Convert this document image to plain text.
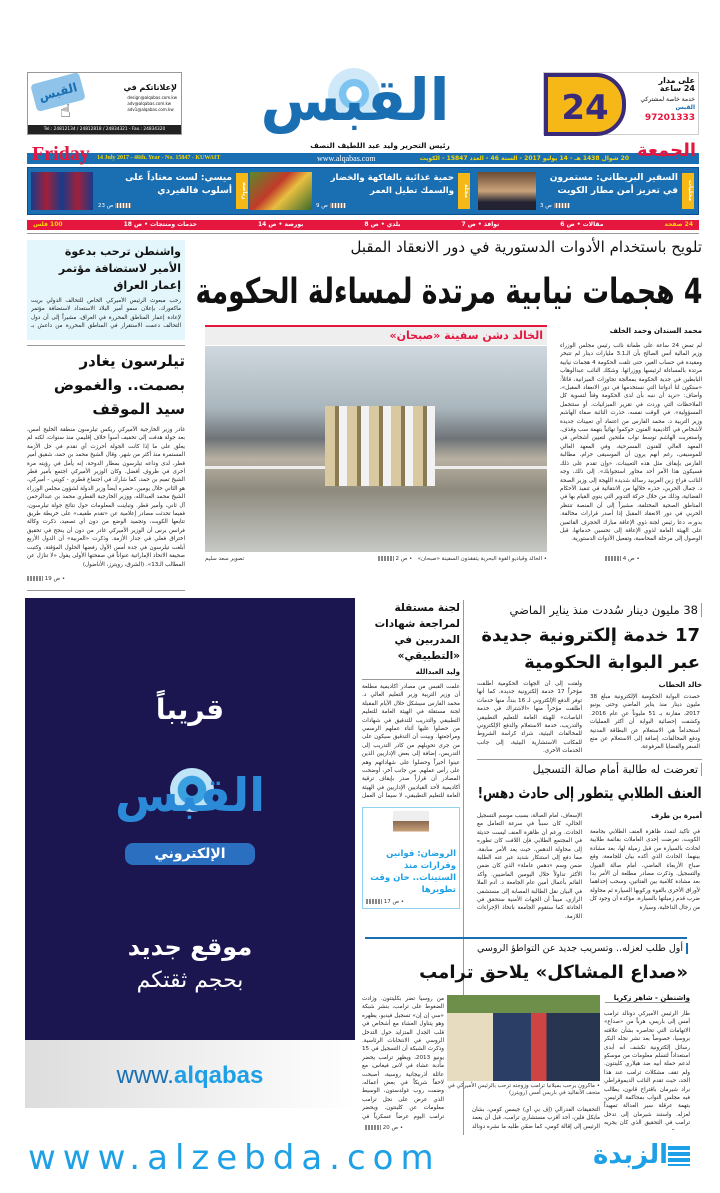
القبس
☝
لإعلاناتكم في
design@alqabas.com.kw
adv@alqabas.com.kw
adv1@alqabas.com.kw
Tel.: 24812134 / 24812818 / 24834321 - Fax.: 24834320	القبس
رئيس التحرير وليد عبد اللطيف النصف
24
على مدار
24 ساعة
خدمة خاصة لمشتركي
القبس
97201333
14 July 2017 - 46th. Year - No. 15847 - KUWAIT	www.alqabas.com	20 شوال 1438 هـ - 14 يوليو 2017 - السنة 46 - العدد 15847 - الكويت
Friday	الجمعة
محليات
السفير البريطاني: مستمرون في تعزيز أمن مطار الكويت
ص 3
مجلة
حمية غذائية بالفاكهة والخضار والسمك تطيل العمر
ص 9
رياضة
ميسي: لست معتاداً على أسلوب فالفيردي
ص 23
24 صفحة
مقالات • ص 6
نوافذ • ص 7
بلدي • ص 8
بورصة • ص 14
خدمات ومنتجات • ص 18
100 فلس
تلويح باستخدام الأدوات الدستورية في دور الانعقاد المقبل
4 هجمات نيابية مرتدة لمساءلة الحكومة
محمد السندان وحمد الخلف
لم تمض 24 ساعة على طمأنة نائب رئيس مجلس الوزراء وزير المالية أنس الصالح بأن الـ3.1 مليارات دينار لم تتبخر ومقيدة في حساب الغير، حتى تلقت الحكومة 4 هجمات نيابية مرتدة بالمساءلة لرئيسها ووزرائها. وشكك النائب عبدالوهاب البابطين في جدية الحكومة بمعالجة تجاوزات الميزانية، قائلاً: «ستكون لنا أدواتنا التي نستخدمها في دور الانعقاد المقبل»، وأضاف: «نريد أن ننبه بأن لدى الحكومة وقتاً لتسوية كل الملاحظات التي وردت في تقرير الميزانيات، أو ستتحمل المسؤولية». في الوقت نفسه، حذرت النائبة صفاء الهاشم وزير التربية د. محمد الفارس من اعتماد أي تعيينات جديدة لأشخاص في أكاديمية الفنون حوكموا نهائياً بتهمة سب وقذف، واستغربت الهاشم توسط نواب ملتحين لتعيين أشخاص في المعهد العالي للفنون المسرحية، وفي المعهد العالي للموسيقى، رغم أنهم يرون أن الموسيقى حرام، مطالبة الفارس بإيقاف مثل هذه التعيينات، «وإن تقدم على ذلك فسيكون هذا الأمر أحد محاور استجوابك». إلى ذلك، وجه النائب فراج زبن العربيد رسالة شديدة اللهجة إلى وزير الصحة د. جمال الحربي، حذره خلالها من الانتقائية في تنفيذ الأحكام القضائية، وذلك من خلال حركة التدوير التي ينوي القيام بها في المناطق الصحية المختلفة، مشيراً إلى أن المنصة تنتظر الحربي في دور الانعقاد المقبل إذا أصدر قرارات مخالفة. بدوره، دعا رئيس لجنة ذوي الإعاقة مبارك الحجرف القائمين على الهيئة العامة لذوي الإعاقة إلى تحسين خدماتها، قبل الوصول إلى مرحلة المحاسبة، وتفعيل الأدوات الدستورية.
ص 4 •
الخالد دشن سفينة «صبحان»
• الخالد وقياديو القوة البحرية يتفقدون السفينة «صبحان»   • ص 2
تصوير سعد سليم
واشنطن ترحب بدعوة الأمير لاستضافة مؤتمر إعمار العراق
رحب مبعوث الرئيس الأميركي الخاص للتحالف الدولي بريت ماكغورك، بإعلان سمو أمير البلاد الاستعداد لاستضافة مؤتمر لإعادة إعمار المناطق المحررة في العراق، مشيراً إلى أن دول التحالف دعمت الاستقرار في المناطق المحررة من داعش بـ
تيلرسون يغادر بصمت.. والغموض سيد الموقف
غادر وزير الخارجية الأميركي ريكس تيلرسون منطقة الخليج أمس، بعد جولة هدفت إلى تخفيف أسوأ خلاف إقليمي منذ سنوات، لكنه لم يعلق على ما إذا كانت الجولة أحرزت أي تقدم في حل الأزمة المستمرة منذ أكثر من شهر. وقال الشيخ محمد بن حمد، شقيق أمير قطر، لدى وداعه تيلرسون بمطار الدوحة، إنه يأمل في رؤيته مرة أخرى في ظروف أفضل. وكان الوزير الأميركي اجتمع بأمير قطر الشيخ تميم بن حمد، كما شارك في اجتماع قطري - كويتي - أميركي، هو الثاني خلال يومين، حضره أيضاً وزير الدولة لشؤون مجلس الوزراء الشيخ محمد العبدالله، ووزير الخارجية القطري محمد بن عبدالرحمن آل ثاني، وأمير قطر. وتباينت المعلومات حول نتائج جولة تيلرسون، ففيما تحدثت مصادر إعلامية عن «تقدم طفيف» على خريطة طريق تتابعها الكويت، وتجميد الوضع من دون أي تصعيد، ذكرت وكالة فرانس برس أن الوزير الأميركي غادر من دون أن ينجح في تحقيق اختراق فعلي في جدار الأزمة. وذكرت «العربية» أن الدول الأربع أبلغت تيلرسون في جدة أمس الأول رفضها الحلول المؤقتة. وكتبت صحيفة الاتحاد الإماراتية عنواناً في صفحتها الأولى يقول «لا تنازل عن المطالب الـ13». (الشرق، رويترز، الأناضول)
ص 19 •
قريباً
القبس
الإلكتروني
موقع جديد
بحجم ثقتكم
www.alqabas
لجنة مستقلة لمراجعة شهادات المدربين في «التطبيقي»
وليد العبدالله
علمت القبس من مصادر أكاديمية مطلعة أن وزير التربية وزير التعليم العالي د. محمد الفارس سيشكل خلال الأيام المقبلة لجنة مستقلة في الهيئة العامة للتعليم التطبيقي والتدريب للتدقيق في شهادات من حصلوا عليها أثناء عملهم الرسمي ومراجعتها. وبينت أن التدقيق سيكون على من جرى تحويلهم من كادر التدريب إلى التدريس، إضافة إلى بعض الإداريين الذين عينوا أخيراً وحصلوا على شهاداتهم وهم على رأس عملهم. من جانب آخر، أوضحت المصادر أن قراراً صدر بإيقاف ترقية أكاديمية لأحد القياديين الإداريين في الهيئة العامة للتعليم التطبيقي، لا سيما أن العمل
الروضان: قوانين وقرارات منذ الستينات.. حان وقت تطويرها
ص 17 •
38 مليون دينار سُددت منذ يناير الماضي
17 خدمة إلكترونية جديدة عبر البوابة الحكومية
خالد الحطاب
حصدت البوابة الحكومية الإلكترونية مبلغ 38 مليون دينار منذ يناير الماضي وحتى يونيو 2017، مقارنة بـ 51 مليوناً عن عام 2016. وكشفت إحصائية البوابة أن أكثر العمليات استخداماً هي الاستعلام عن البطاقة المدنية ودفع المخالفات، إضافة إلى الاستعلام عن منع السفر والقضايا المرفوعة.
ولفتت إلى أن الجهات الحكومية أطلقت مؤخراً 17 خدمة إلكترونية جديدة، كما أنها توفر الدفع الإلكتروني لـ 16 بنداً، منها خدمات أطلقت مؤخراً منها «الاشتراك في خدمة الباصات» للهيئة العامة للتعليم التطبيقي والتدريب، خدمة الاستعلام والدفع الإلكتروني للمخالفات البيئية، شراء كراسة الشروط للمكاتب الاستشارية البيئية، إلى جانب الخدمات الأخرى.
تعرضت له طالبة أمام صالة التسجيل
العنف الطلابي يتطور إلى حادث دهس!
أميرة بن طرف
في تأكيد لتمدد ظاهرة العنف الطلابي بجامعة الكويت، تعرضت إحدى العاملات بقائمة طلابية لحادث بالسيارة من قبل زميلة لها، بعد مشادة بينهما. الحادث الذي أكده بيان للجامعة، وقع صباح الأربعاء الماضي، أمام صالة القبول والتسجيل. وذكرت مصادر مطلعة أن الأمر بدأ بعد مشادة كلامية بين الفتاتين، وسحب إحداهما لأوراق الأخرى بالقوة وركوبها السيارة ثم محاولة ضرب قدم زميلتها بالسيارة، مؤكدة أن وجود كل من رجال الداخلية، وسيارة
الإسعاف، أمام الصالة، بسبب موسم التسجيل الحالي، كان سبباً في سرعة التعامل مع الحادث. ورغم أن ظاهرة العنف ليست حديثة في المجتمع الطلابي فإن اللافت كان تطوره إلى محاولة الدهس، حيث يعد الأمر سابقة، مما دفع إلى استنكار شديد عبر عنه الطلبة ضمن وسم «دهس عاملة» الذي كان ضمن الأكثر تداولاً خلال اليومين الماضيين. وأكد القائم بأعمال أمين عام الجامعة د. أدم الملا في البيان نقل الطالبة المصابة إلى مستشفى الرازي، مبيناً أن الجهات الأمنية ستحقق في الحادثة كما ستقوم الجامعة باتخاذ الإجراءات اللازمة.
أول طلب لعزله.. وتسريب جديد عن التواطؤ الروسي
«صداع المشاكل» يلاحق ترامب
واشنطن - شاهر زكريا
طار الرئيس الأميركي دونالد ترامب أمس إلى باريس، هرباً من «صداع» الاتهامات التي تحاصره بشأن علاقته بروسيا، خصوصاً بعد نشر نجله البكر رسائل إلكترونية تكشف أنه أبدى استعداداً لتسلم معلومات من موسكو لدعم حملة أبيه ضد هيلاري كلينتون. ولم تقف مشكلات ترامب عند هذا الحد، حيث تقدم النائب الديموقراطي براد شيرمان باقتراح قانون، يطالب فيه مجلس النواب بمحاكمة الرئيس، بتهمة عرقلة سير العدالة تمهيداً لعزله. واستند شيرمان إلى تدخل ترامب في التحقيق الذي كان يجريه
• ماكرون يرحب بميلانيا ترامب وزوجته ترحب بالرئيس الأميركي في متحف الأنفاليد في باريس أمس (رويترز)
التحقيقات الفدرالي (إف بي آي) جيمس كومي، بشأن مايكل فلين، أحد أقرب مستشاري ترامب، قبل أن يعمد الرئيس إلى إقالة كومي، كما ضمّن طلبه ما نشره دونالد
من روسيا تضر بكلينتون. وزادت الضغوط على ترامب، بنشر شبكة «سي إن إن» تسجيل فيديو، يظهره وهو يتناول العشاء مع أشخاص في قلب الجدل المتزايد حول التدخل الروسي في الانتخابات الرئاسية. وذكرت الشبكة أن التسجيل في 15 يونيو 2013، ويظهر ترامب يحضر مأدبة عشاء في لاس فيغاس، مع عائلة أذربيجانية روسية، أصبحت لاحقاً شريكاً في بعض أعماله، وضمت روب غولدستون، الوسيط الذي عرض على نجل ترامب معلومات عن كلينتون. ويحضر ترامب اليوم عرضاً عسكرياً في
ص 20 •
www.alzebda.com	الزبدة
